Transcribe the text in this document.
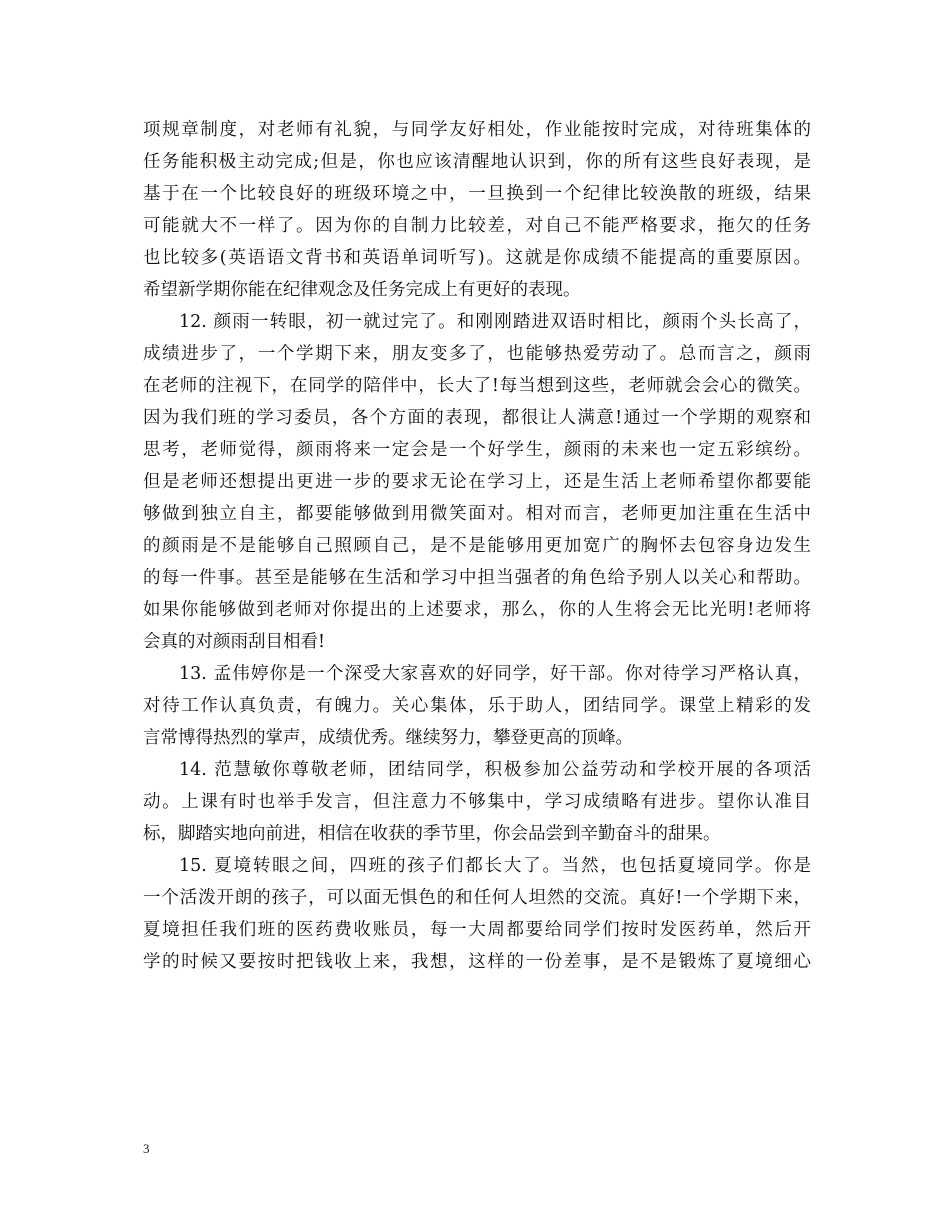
项规章制度，对老师有礼貌，与同学友好相处，作业能按时完成，对待班集体的
任务能积极主动完成;但是，你也应该清醒地认识到，你的所有这些良好表现，是
基于在一个比较良好的班级环境之中，一旦换到一个纪律比较涣散的班级，结果
可能就大不一样了。因为你的自制力比较差，对自己不能严格要求，拖欠的任务
也比较多(英语语文背书和英语单词听写)。这就是你成绩不能提高的重要原因。
希望新学期你能在纪律观念及任务完成上有更好的表现。
12. 颜雨一转眼，初一就过完了。和刚刚踏进双语时相比，颜雨个头长高了，
成绩进步了，一个学期下来，朋友变多了，也能够热爱劳动了。总而言之，颜雨
在老师的注视下，在同学的陪伴中，长大了!每当想到这些，老师就会会心的微笑。
因为我们班的学习委员，各个方面的表现，都很让人满意!通过一个学期的观察和
思考，老师觉得，颜雨将来一定会是一个好学生，颜雨的未来也一定五彩缤纷。
但是老师还想提出更进一步的要求无论在学习上，还是生活上老师希望你都要能
够做到独立自主，都要能够做到用微笑面对。相对而言，老师更加注重在生活中
的颜雨是不是能够自己照顾自己，是不是能够用更加宽广的胸怀去包容身边发生
的每一件事。甚至是能够在生活和学习中担当强者的角色给予别人以关心和帮助。
如果你能够做到老师对你提出的上述要求，那么，你的人生将会无比光明!老师将
会真的对颜雨刮目相看!
13. 孟伟婷你是一个深受大家喜欢的好同学，好干部。你对待学习严格认真，
对待工作认真负责，有魄力。关心集体，乐于助人，团结同学。课堂上精彩的发
言常博得热烈的掌声，成绩优秀。继续努力，攀登更高的顶峰。
14. 范慧敏你尊敬老师，团结同学，积极参加公益劳动和学校开展的各项活
动。上课有时也举手发言，但注意力不够集中，学习成绩略有进步。望你认准目
标，脚踏实地向前进，相信在收获的季节里，你会品尝到辛勤奋斗的甜果。
15. 夏境转眼之间，四班的孩子们都长大了。当然，也包括夏境同学。你是
一个活泼开朗的孩子，可以面无惧色的和任何人坦然的交流。真好!一个学期下来，
夏境担任我们班的医药费收账员，每一大周都要给同学们按时发医药单，然后开
学的时候又要按时把钱收上来，我想，这样的一份差事，是不是锻炼了夏境细心
3
